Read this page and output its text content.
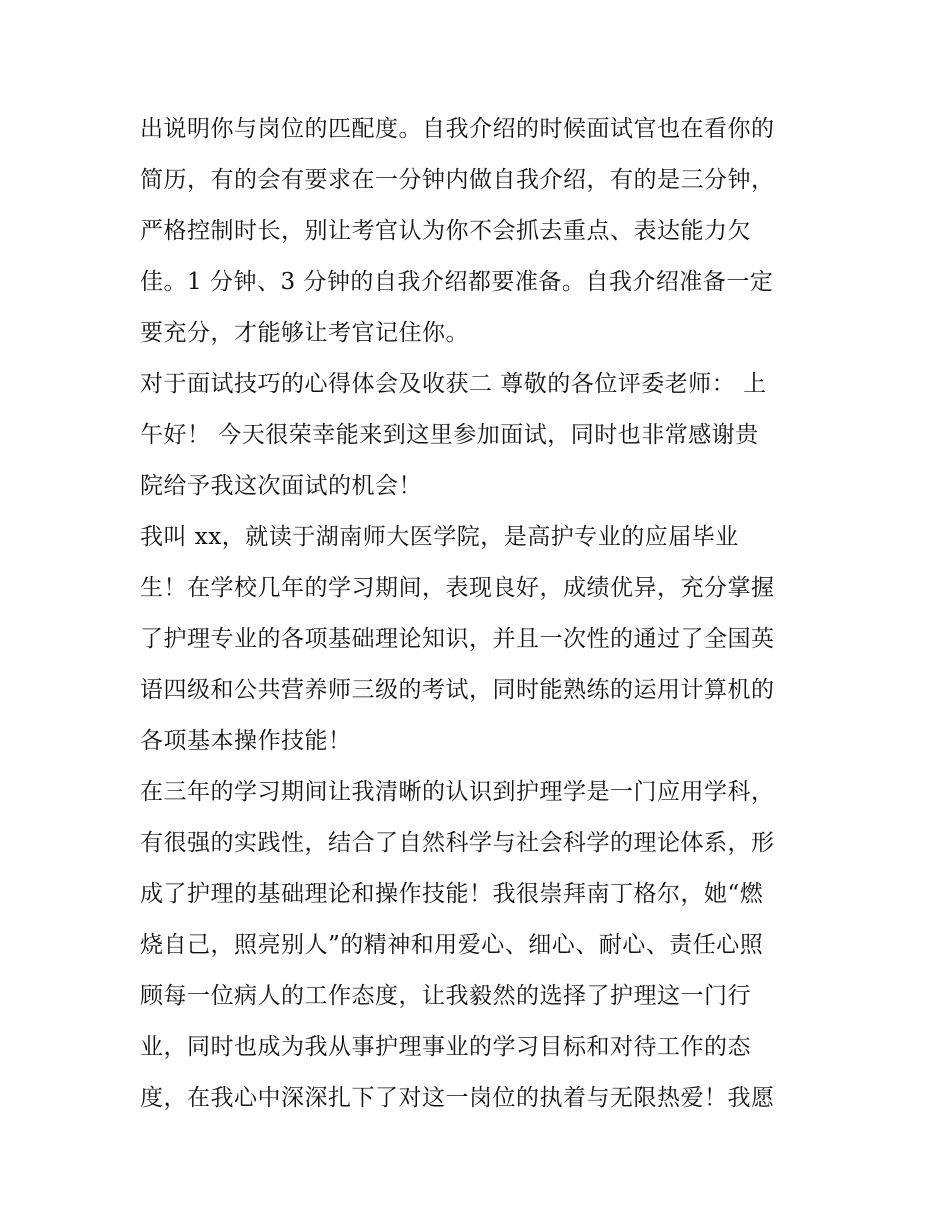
出说明你与岗位的匹配度。自我介绍的时候面试官也在看你的
简历，有的会有要求在一分钟内做自我介绍，有的是三分钟，
严格控制时长，别让考官认为你不会抓去重点、表达能力欠
佳。1 分钟、3 分钟的自我介绍都要准备。自我介绍准备一定
要充分，才能够让考官记住你。
对于面试技巧的心得体会及收获二 尊敬的各位评委老师： 上
午好！ 今天很荣幸能来到这里参加面试，同时也非常感谢贵
院给予我这次面试的机会！
我叫 xx，就读于湖南师大医学院，是高护专业的应届毕业
生！在学校几年的学习期间，表现良好，成绩优异，充分掌握
了护理专业的各项基础理论知识，并且一次性的通过了全国英
语四级和公共营养师三级的考试，同时能熟练的运用计算机的
各项基本操作技能！
在三年的学习期间让我清晰的认识到护理学是一门应用学科，
有很强的实践性，结合了自然科学与社会科学的理论体系，形
成了护理的基础理论和操作技能！我很崇拜南丁格尔，她“燃
烧自己，照亮别人”的精神和用爱心、细心、耐心、责任心照
顾每一位病人的工作态度，让我毅然的选择了护理这一门行
业，同时也成为我从事护理事业的学习目标和对待工作的态
度，在我心中深深扎下了对这一岗位的执着与无限热爱！我愿
